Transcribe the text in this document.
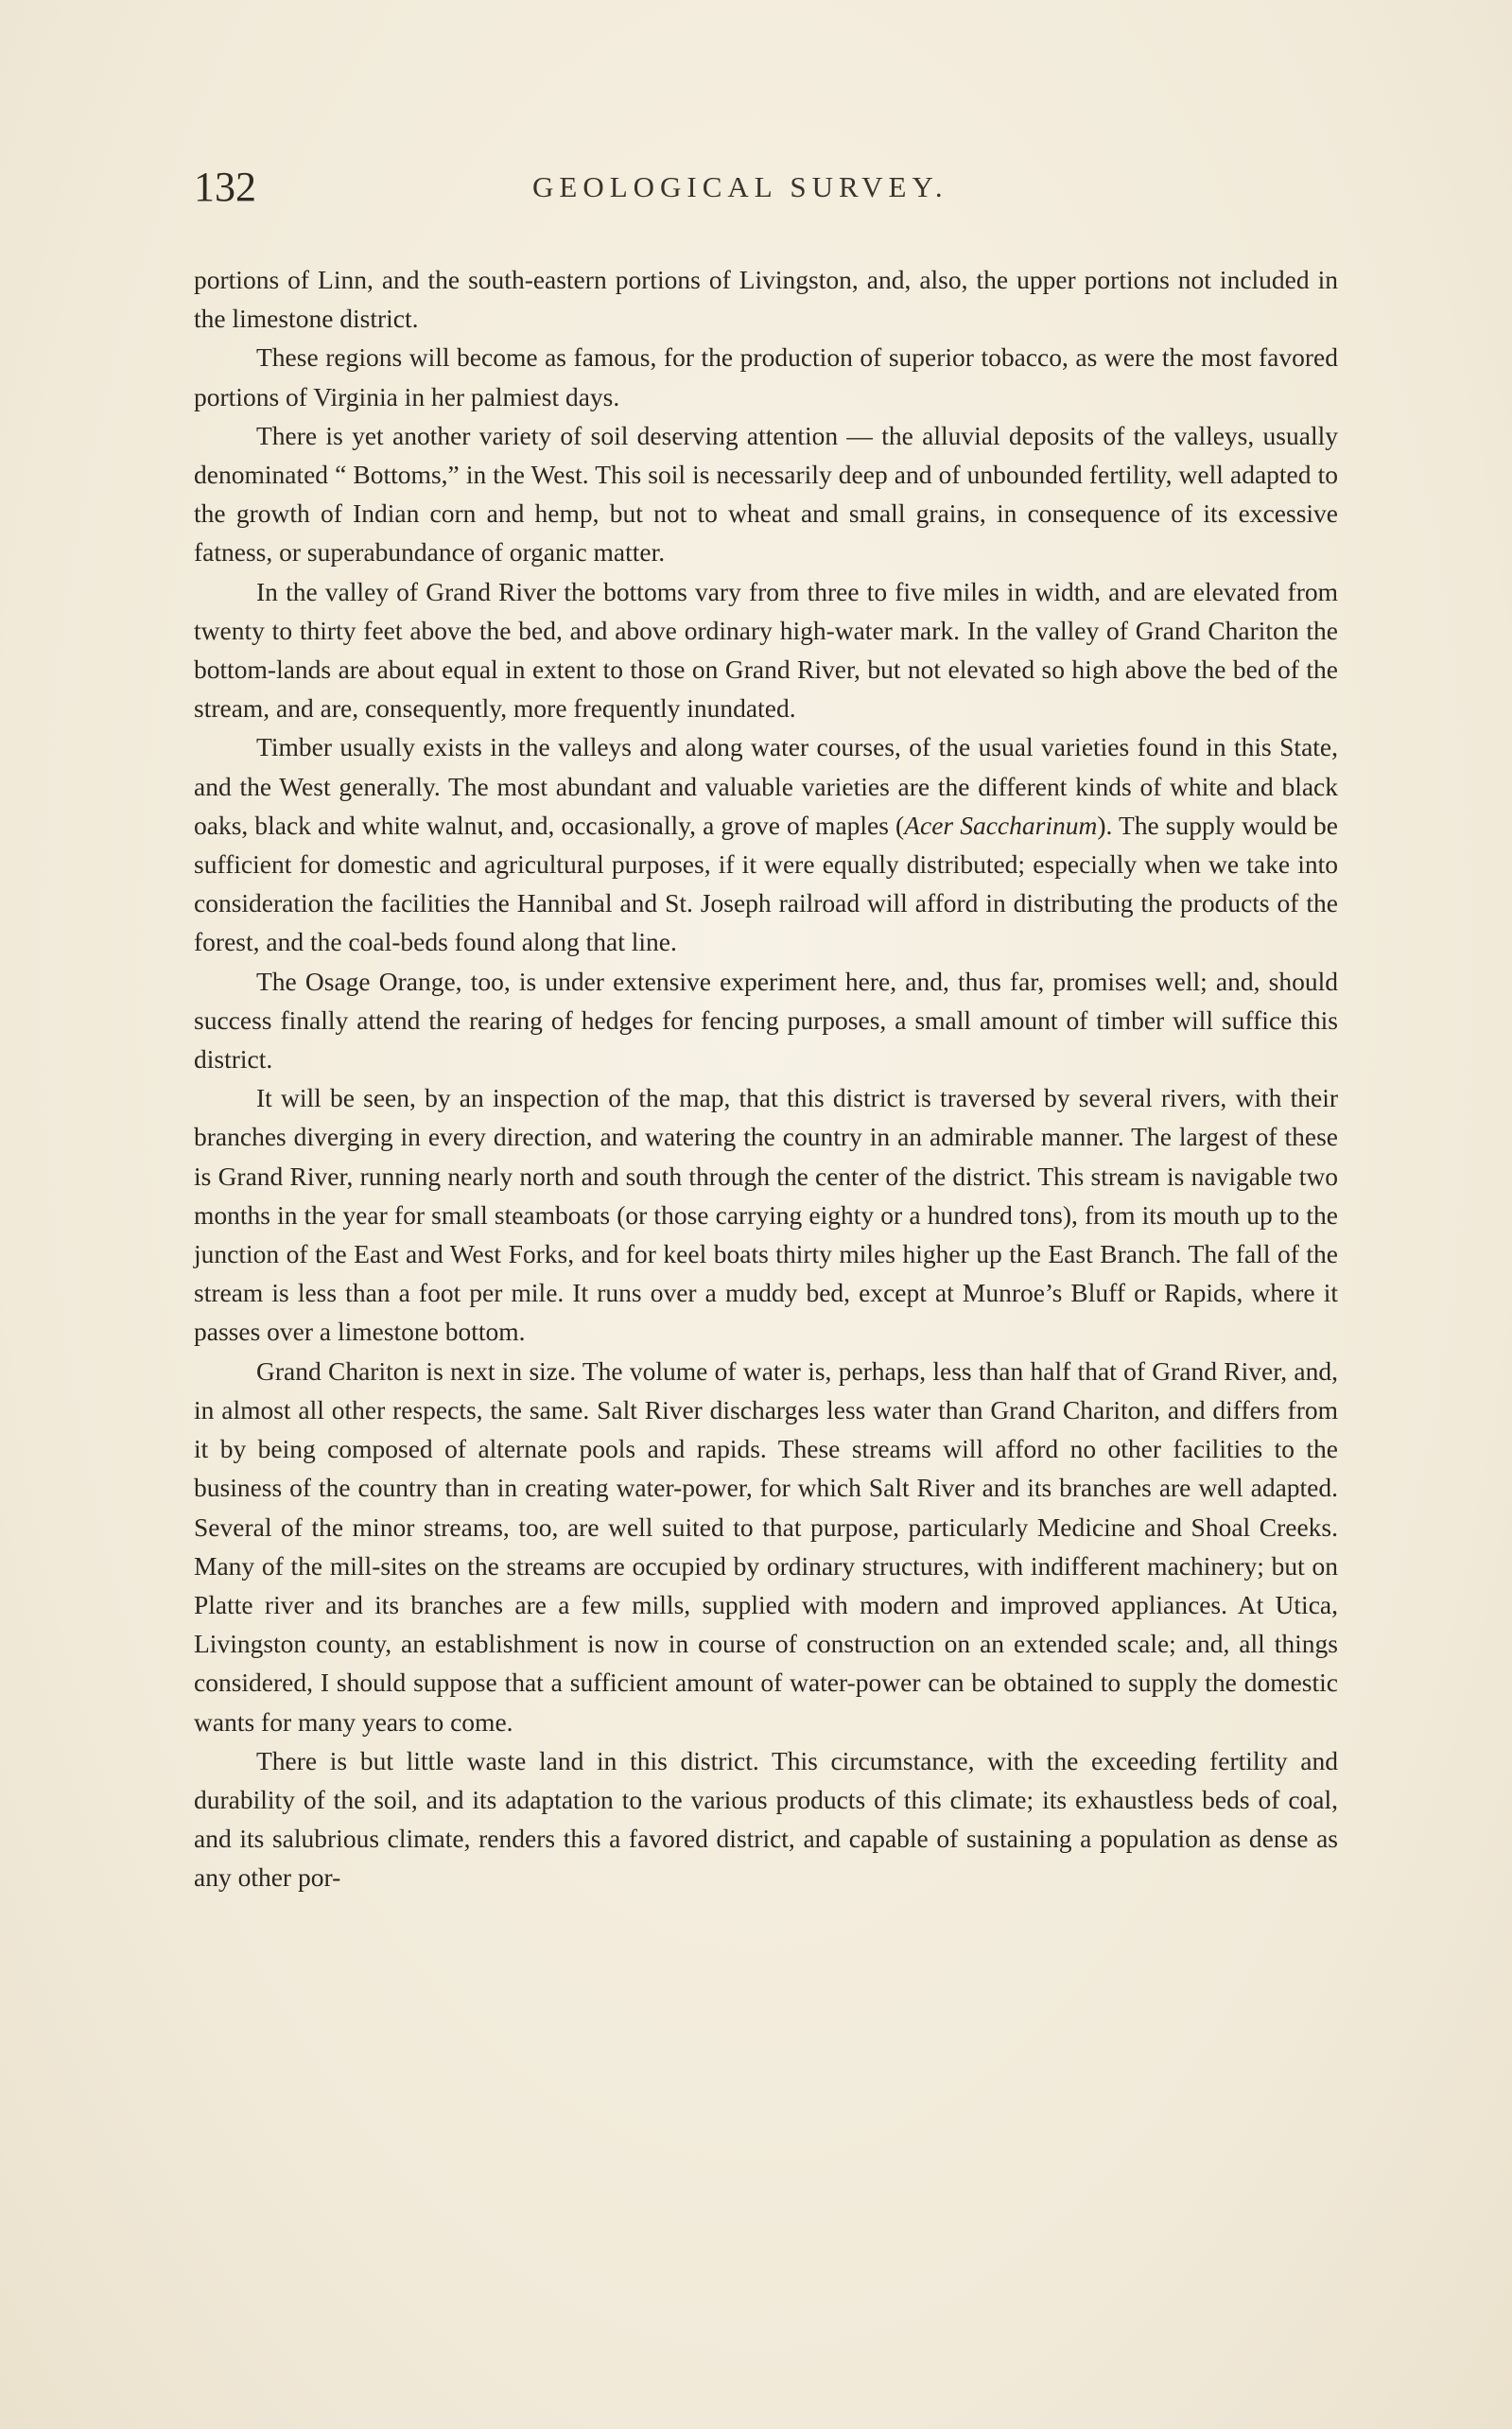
132	GEOLOGICAL SURVEY.

portions of Linn, and the south-eastern portions of Livingston, and, also, the upper portions not included in the limestone district.

These regions will become as famous, for the production of superior tobacco, as were the most favored portions of Virginia in her palmiest days.

There is yet another variety of soil deserving attention — the alluvial deposits of the valleys, usually denominated “ Bottoms,” in the West. This soil is necessarily deep and of unbounded fertility, well adapted to the growth of Indian corn and hemp, but not to wheat and small grains, in consequence of its excessive fatness, or superabundance of organic matter.

In the valley of Grand River the bottoms vary from three to five miles in width, and are elevated from twenty to thirty feet above the bed, and above ordinary high-water mark. In the valley of Grand Chariton the bottom-lands are about equal in extent to those on Grand River, but not elevated so high above the bed of the stream, and are, consequently, more frequently inundated.

Timber usually exists in the valleys and along water courses, of the usual varieties found in this State, and the West generally. The most abundant and valuable varieties are the different kinds of white and black oaks, black and white walnut, and, occasionally, a grove of maples (Acer Saccharinum). The supply would be sufficient for domestic and agricultural purposes, if it were equally distributed; especially when we take into consideration the facilities the Hannibal and St. Joseph railroad will afford in distributing the products of the forest, and the coal-beds found along that line.

The Osage Orange, too, is under extensive experiment here, and, thus far, promises well; and, should success finally attend the rearing of hedges for fencing purposes, a small amount of timber will suffice this district.

It will be seen, by an inspection of the map, that this district is traversed by several rivers, with their branches diverging in every direction, and watering the country in an admirable manner. The largest of these is Grand River, running nearly north and south through the center of the district. This stream is navigable two months in the year for small steamboats (or those carrying eighty or a hundred tons), from its mouth up to the junction of the East and West Forks, and for keel boats thirty miles higher up the East Branch. The fall of the stream is less than a foot per mile. It runs over a muddy bed, except at Munroe’s Bluff or Rapids, where it passes over a limestone bottom.

Grand Chariton is next in size. The volume of water is, perhaps, less than half that of Grand River, and, in almost all other respects, the same. Salt River discharges less water than Grand Chariton, and differs from it by being composed of alternate pools and rapids. These streams will afford no other facilities to the business of the country than in creating water-power, for which Salt River and its branches are well adapted. Several of the minor streams, too, are well suited to that purpose, particularly Medicine and Shoal Creeks. Many of the mill-sites on the streams are occupied by ordinary structures, with indifferent machinery; but on Platte river and its branches are a few mills, supplied with modern and improved appliances. At Utica, Livingston county, an establishment is now in course of construction on an extended scale; and, all things considered, I should suppose that a sufficient amount of water-power can be obtained to supply the domestic wants for many years to come.

There is but little waste land in this district. This circumstance, with the exceeding fertility and durability of the soil, and its adaptation to the various products of this climate; its exhaustless beds of coal, and its salubrious climate, renders this a favored district, and capable of sustaining a population as dense as any other por-
